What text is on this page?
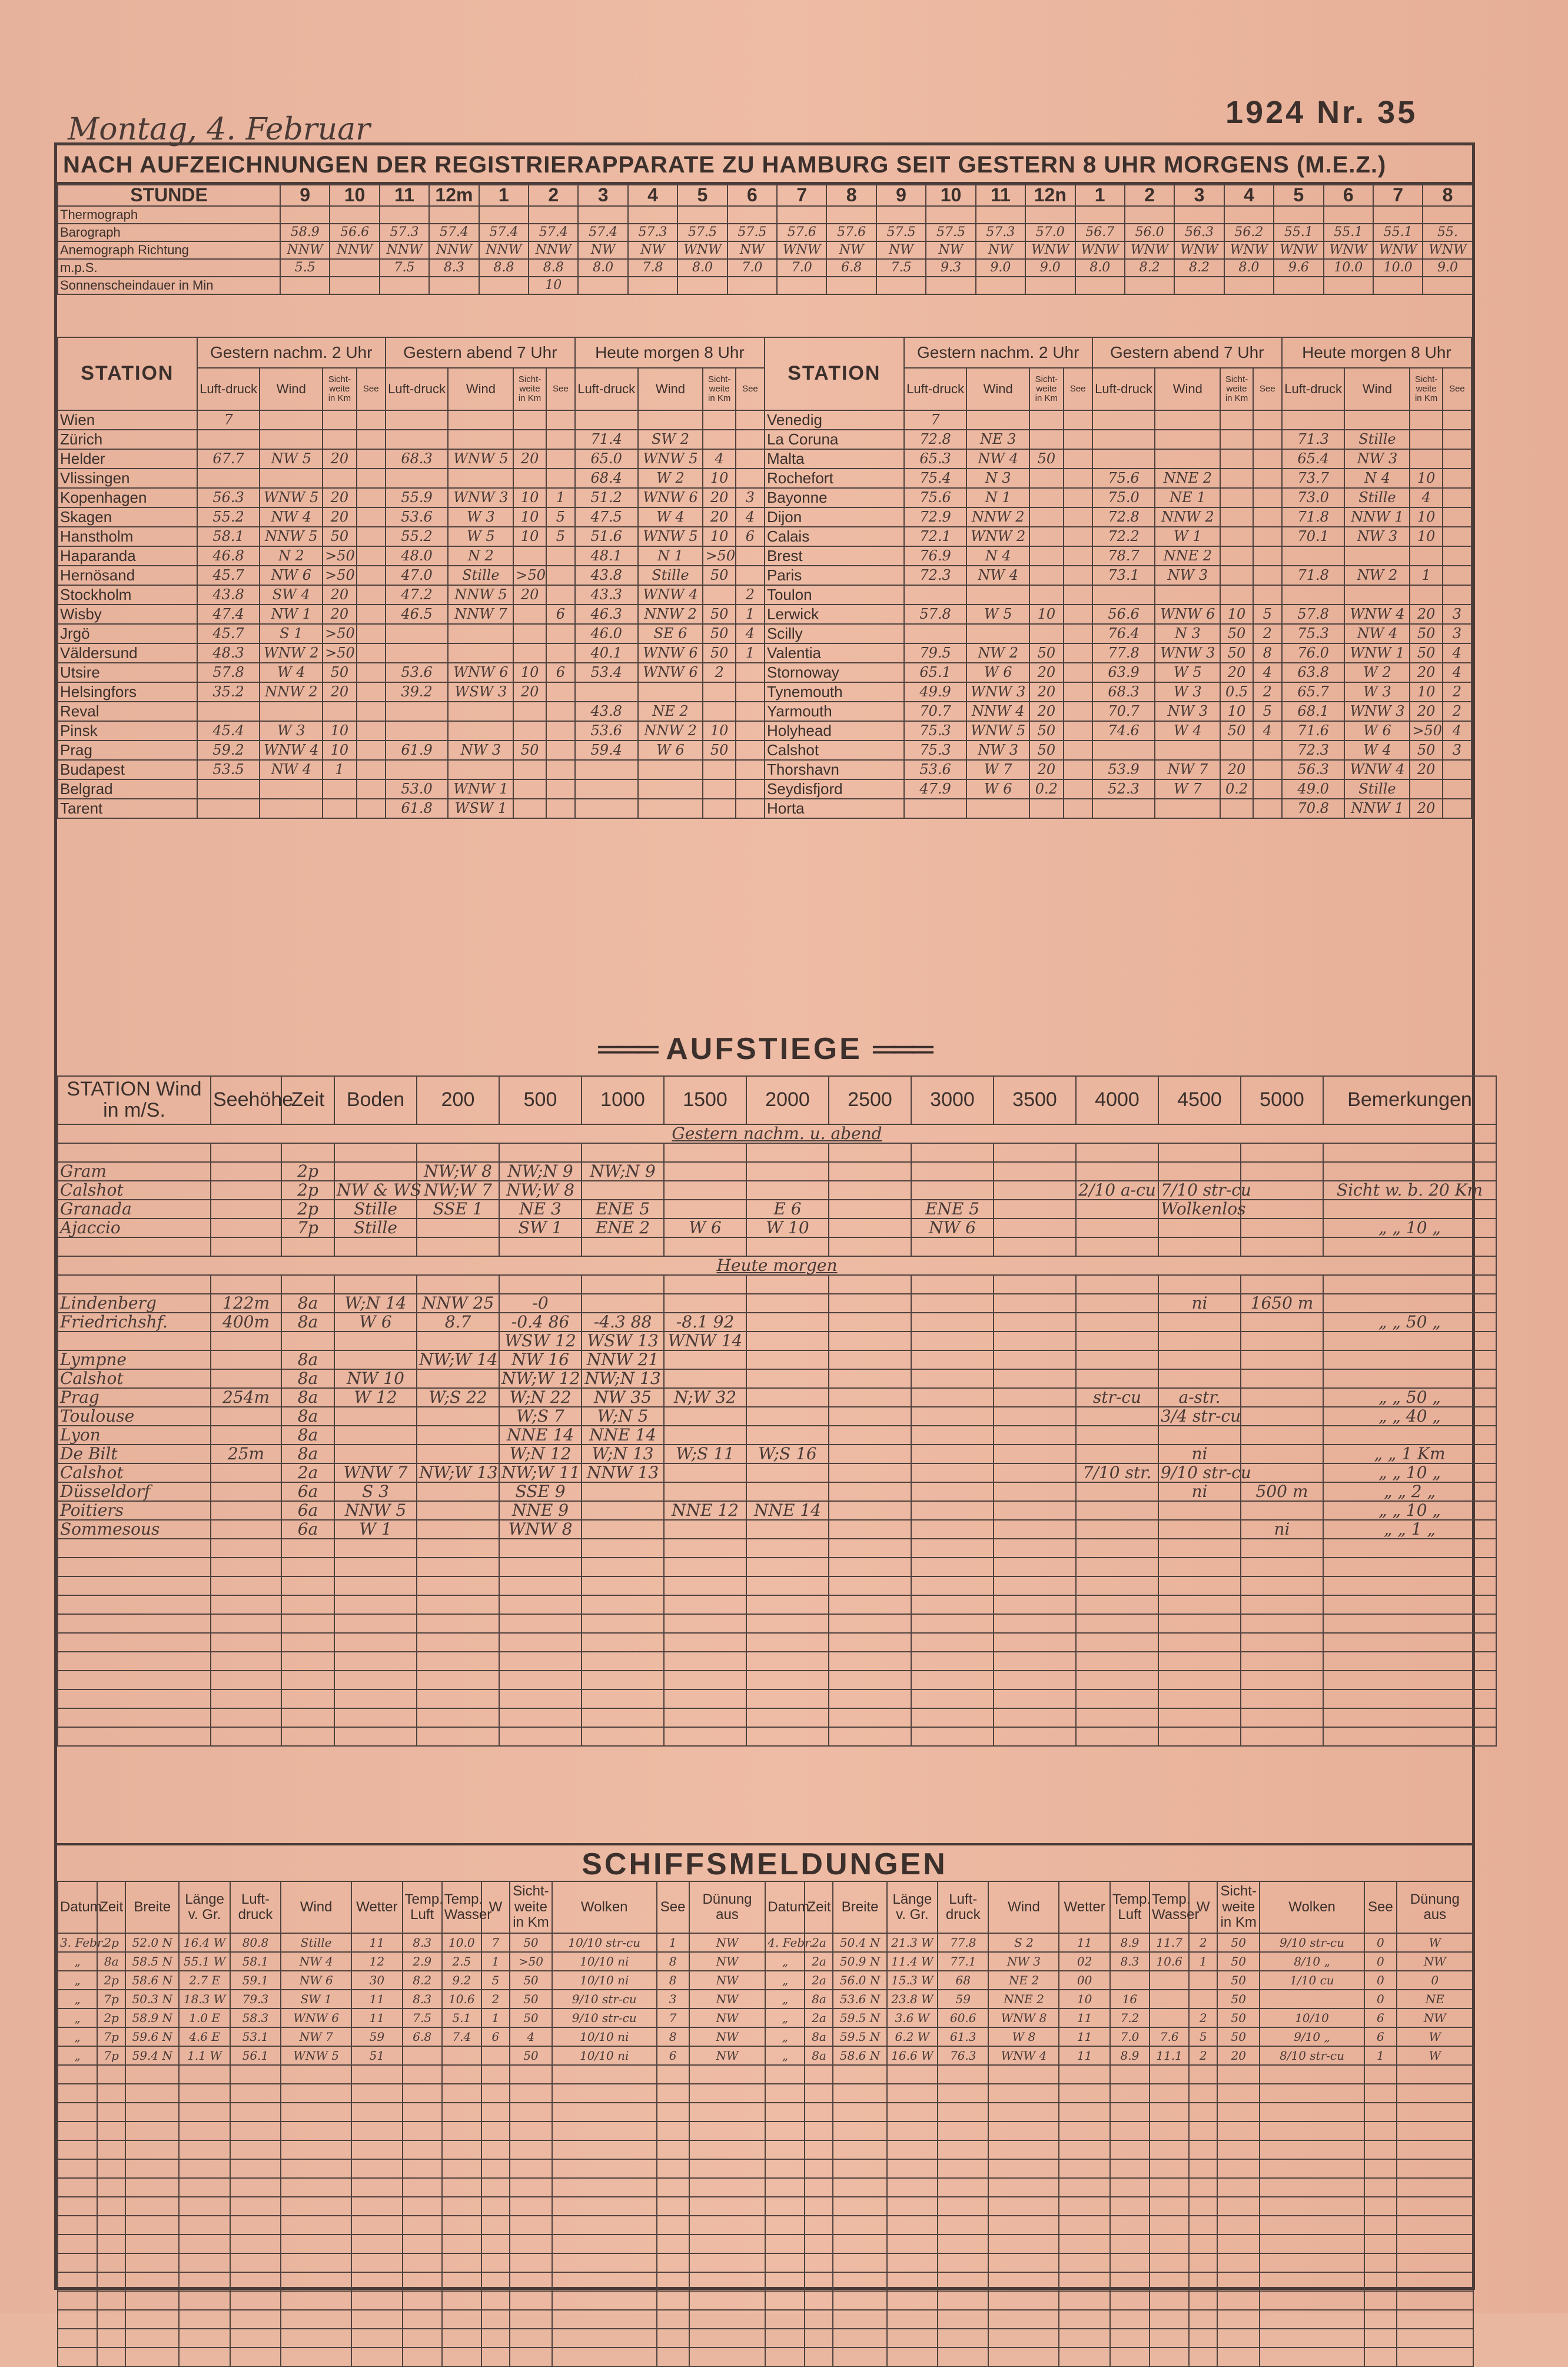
Montag, 4. Februar	1924 Nr. 35
NACH AUFZEICHNUNGEN DER REGISTRIERAPPARATE ZU HAMBURG SEIT GESTERN 8 UHR MORGENS (M.E.Z.)
STUNDE	9	10	11	12m	1	2	3	4	5	6	7	8	9	10	11	12n	1	2	3	4	5	6	7	8
Thermograph																								
Barograph	58.9	56.6	57.3	57.4	57.4	57.4	57.4	57.3	57.5	57.5	57.6	57.6	57.5	57.5	57.3	57.0	56.7	56.0	56.3	56.2	55.1	55.1	55.1	55.
Anemograph Richtung	NNW	NNW	NNW	NNW	NNW	NNW	NW	NW	WNW	NW	WNW	NW	NW	NW	NW	WNW	WNW	WNW	WNW	WNW	WNW	WNW	WNW	WNW
m.p.S.	5.5		7.5	8.3	8.8	8.8	8.0	7.8	8.0	7.0	7.0	6.8	7.5	9.3	9.0	9.0	8.0	8.2	8.2	8.0	9.6	10.0	10.0	9.0
Sonnenscheindauer in Min						10																		
STATION	Gestern nachm. 2 Uhr				Gestern abend 7 Uhr				Heute morgen 8 Uhr				STATION	Gestern nachm. 2 Uhr				Gestern abend 7 Uhr				Heute morgen 8 Uhr			
	Luft-druck	Wind	Sicht-weite in Km	See	Luft-druck	Wind	Sicht-weite in Km	See	Luft-druck	Wind	Sicht-weite in Km	See		Luft-druck	Wind	Sicht-weite in Km	See	Luft-druck	Wind	Sicht-weite in Km	See	Luft-druck	Wind	Sicht-weite in Km	See
Wien	7												Venedig	7											
Zürich									71.4	SW 2			La Coruna	72.8	NE 3							71.3	Stille		
Helder	67.7	NW 5	20		68.3	WNW 5	20		65.0	WNW 5	4		Malta	65.3	NW 4	50						65.4	NW 3		
Vlissingen									68.4	W 2	10		Rochefort	75.4	N 3			75.6	NNE 2			73.7	N 4	10	
Kopenhagen	56.3	WNW 5	20		55.9	WNW 3	10	1	51.2	WNW 6	20	3	Bayonne	75.6	N 1			75.0	NE 1			73.0	Stille	4	
Skagen	55.2	NW 4	20		53.6	W 3	10	5	47.5	W 4	20	4	Dijon	72.9	NNW 2			72.8	NNW 2			71.8	NNW 1	10	
Hanstholm	58.1	NNW 5	50		55.2	W 5	10	5	51.6	WNW 5	10	6	Calais	72.1	WNW 2			72.2	W 1			70.1	NW 3	10	
Haparanda	46.8	N 2	>50		48.0	N 2			48.1	N 1	>50		Brest	76.9	N 4			78.7	NNE 2						
Hernösand	45.7	NW 6	>50		47.0	Stille	>50		43.8	Stille	50		Paris	72.3	NW 4			73.1	NW 3			71.8	NW 2	1	
Stockholm	43.8	SW 4	20		47.2	NNW 5	20		43.3	WNW 4		2	Toulon												
Wisby	47.4	NW 1	20		46.5	NNW 7		6	46.3	NNW 2	50	1	Lerwick	57.8	W 5	10		56.6	WNW 6	10	5	57.8	WNW 4	20	3
Jrgö	45.7	S 1	>50						46.0	SE 6	50	4	Scilly					76.4	N 3	50	2	75.3	NW 4	50	3
Väldersund	48.3	WNW 2	>50						40.1	WNW 6	50	1	Valentia	79.5	NW 2	50		77.8	WNW 3	50	8	76.0	WNW 1	50	4
Utsire	57.8	W 4	50		53.6	WNW 6	10	6	53.4	WNW 6	2		Stornoway	65.1	W 6	20		63.9	W 5	20	4	63.8	W 2	20	4
Helsingfors	35.2	NNW 2	20		39.2	WSW 3	20						Tynemouth	49.9	WNW 3	20		68.3	W 3	0.5	2	65.7	W 3	10	2
Reval									43.8	NE 2			Yarmouth	70.7	NNW 4	20		70.7	NW 3	10	5	68.1	WNW 3	20	2
Pinsk	45.4	W 3	10						53.6	NNW 2	10		Holyhead	75.3	WNW 5	50		74.6	W 4	50	4	71.6	W 6	>50	4
Prag	59.2	WNW 4	10		61.9	NW 3	50		59.4	W 6	50		Calshot	75.3	NW 3	50						72.3	W 4	50	3
Budapest	53.5	NW 4	1										Thorshavn	53.6	W 7	20		53.9	NW 7	20		56.3	WNW 4	20	
Belgrad					53.0	WNW 1							Seydisfjord	47.9	W 6	0.2		52.3	W 7	0.2		49.0	Stille		
Tarent					61.8	WSW 1							Horta									70.8	NNW 1	20	
═══ AUFSTIEGE ═══
STATION Wind in m/S.	Seehöhe	Zeit	Boden	200	500	1000	1500	2000	2500	3000	3500	4000	4500	5000	Bemerkungen
Gestern nachm. u. abend															

Gram		2p		NW;W 8	NW;N 9	NW;N 9									
Calshot		2p	NW & WS	NW;W 7	NW;W 8							2/10 a-cu	7/10 str-cu		Sicht w. b. 20 Km
Granada		2p	Stille	SSE 1	NE 3	ENE 5		E 6		ENE 5			Wolkenlos		
Ajaccio		7p	Stille		SW 1	ENE 2	W 6	W 10		NW 6					„ „ 10 „

Heute morgen															

Lindenberg	122m	8a	W;N 14	NNW 25	-0								ni	1650 m	
Friedrichshf.	400m	8a	W 6	8.7	-0.4 86	-4.3 88	-8.1 92								„ „ 50 „
					WSW 12	WSW 13	WNW 14								
Lympne		8a		NW;W 14	NW 16	NNW 21									
Calshot		8a	NW 10		NW;W 12	NW;N 13									
Prag	254m	8a	W 12	W;S 22	W;N 22	NW 35	N;W 32					str-cu	a-str.		„ „ 50 „
Toulouse		8a			W;S 7	W;N 5							3/4 str-cu		„ „ 40 „
Lyon		8a			NNE 14	NNE 14									
De Bilt	25m	8a			W;N 12	W;N 13	W;S 11	W;S 16					ni		„ „ 1 Km
Calshot		2a	WNW 7	NW;W 13	NW;W 11	NNW 13						7/10 str.	9/10 str-cu		„ „ 10 „
Düsseldorf		6a	S 3		SSE 9								ni	500 m	„ „ 2 „
Poitiers		6a	NNW 5		NNE 9		NNE 12	NNE 14							„ „ 10 „
Sommesous		6a	W 1		WNW 8									ni	„ „ 1 „

SCHIFFSMELDUNGEN
Datum	Zeit	Breite	Länge v. Gr.	Luft-druck	Wind	Wetter	Temp. Luft	Temp. Wasser	W	Sicht-weite in Km	Wolken	See	Dünung aus	Datum	Zeit	Breite	Länge v. Gr.	Luft-druck	Wind	Wetter	Temp. Luft	Temp. Wasser	W	Sicht-weite in Km	Wolken	See	Dünung aus
3. Febr.	2p	52.0 N	16.4 W	80.8	Stille	11	8.3	10.0	7	50	10/10 str-cu	1	NW	4. Febr.	2a	50.4 N	21.3 W	77.8	S 2	11	8.9	11.7	2	50	9/10 str-cu	0	W
„	8a	58.5 N	55.1 W	58.1	NW 4	12	2.9	2.5	1	>50	10/10 ni	8	NW	„	2a	50.9 N	11.4 W	77.1	NW 3	02	8.3	10.6	1	50	8/10 „	0	NW
„	2p	58.6 N	2.7 E	59.1	NW 6	30	8.2	9.2	5	50	10/10 ni	8	NW	„	2a	56.0 N	15.3 W	68	NE 2	00				50	1/10 cu	0	0
„	7p	50.3 N	18.3 W	79.3	SW 1	11	8.3	10.6	2	50	9/10 str-cu	3	NW	„	8a	53.6 N	23.8 W	59	NNE 2	10	16			50		0	NE
„	2p	58.9 N	1.0 E	58.3	WNW 6	11	7.5	5.1	1	50	9/10 str-cu	7	NW	„	2a	59.5 N	3.6 W	60.6	WNW 8	11	7.2		2	50	10/10	6	NW
„	7p	59.6 N	4.6 E	53.1	NW 7	59	6.8	7.4	6	4	10/10 ni	8	NW	„	8a	59.5 N	6.2 W	61.3	W 8	11	7.0	7.6	5	50	9/10 „	6	W
„	7p	59.4 N	1.1 W	56.1	WNW 5	51				50	10/10 ni	6	NW	„	8a	58.6 N	16.6 W	76.3	WNW 4	11	8.9	11.1	2	20	8/10 str-cu	1	W
